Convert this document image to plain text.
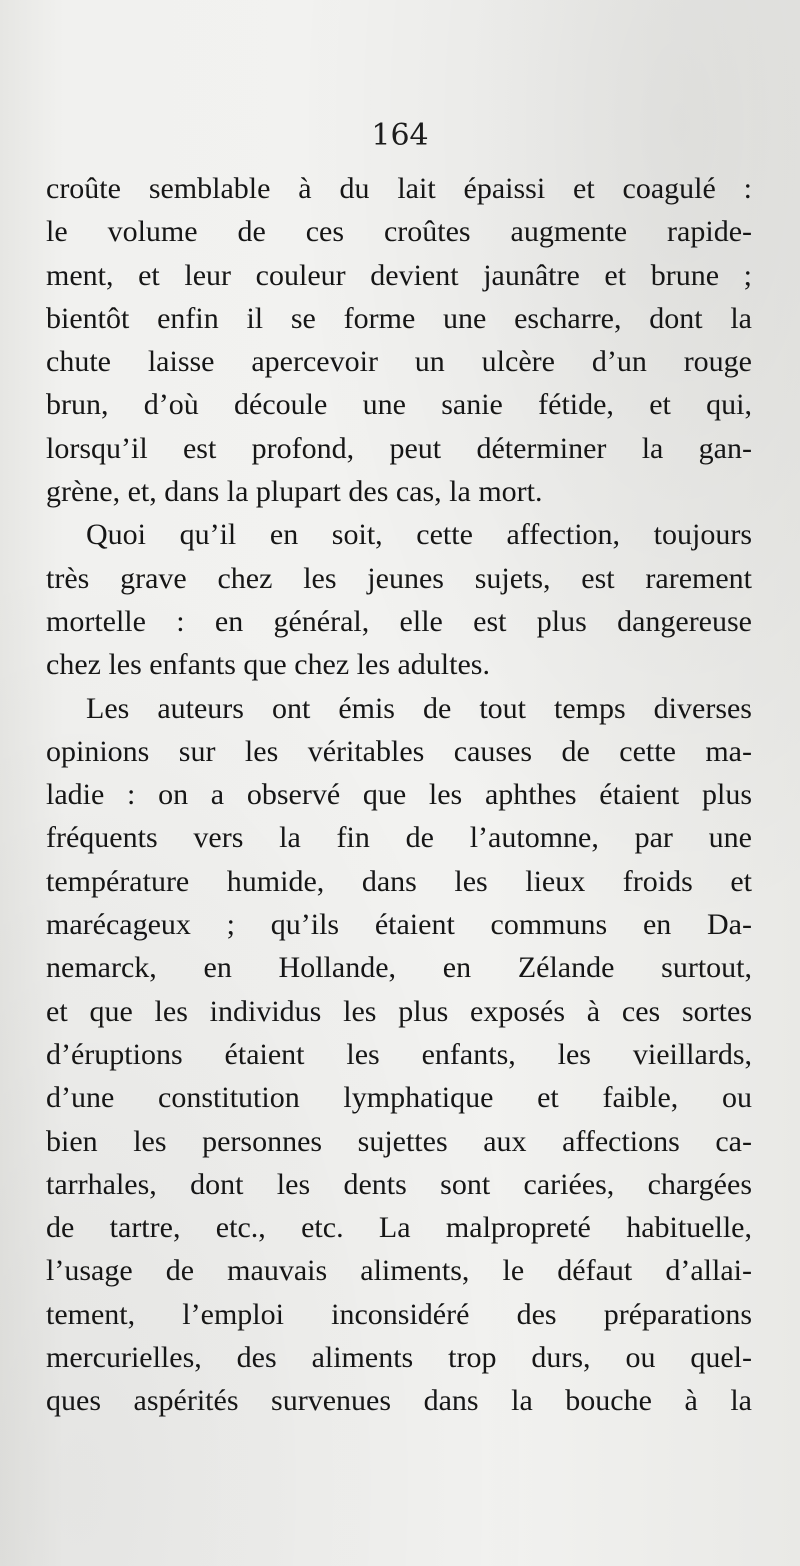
164

croûte semblable à du lait épaissi et coagulé :
le volume de ces croûtes augmente rapide-
ment, et leur couleur devient jaunâtre et brune ;
bientôt enfin il se forme une escharre, dont la
chute laisse apercevoir un ulcère d’un rouge
brun, d’où découle une sanie fétide, et qui,
lorsqu’il est profond, peut déterminer la gan-
grène, et, dans la plupart des cas, la mort.
Quoi qu’il en soit, cette affection, toujours
très grave chez les jeunes sujets, est rarement
mortelle : en général, elle est plus dangereuse
chez les enfants que chez les adultes.
Les auteurs ont émis de tout temps diverses
opinions sur les véritables causes de cette ma-
ladie : on a observé que les aphthes étaient plus
fréquents vers la fin de l’automne, par une
température humide, dans les lieux froids et
marécageux ; qu’ils étaient communs en Da-
nemarck, en Hollande, en Zélande surtout,
et que les individus les plus exposés à ces sortes
d’éruptions étaient les enfants, les vieillards,
d’une constitution lymphatique et faible, ou
bien les personnes sujettes aux affections ca-
tarrhales, dont les dents sont cariées, chargées
de tartre, etc., etc. La malpropreté habituelle,
l’usage de mauvais aliments, le défaut d’allai-
tement, l’emploi inconsidéré des préparations
mercurielles, des aliments trop durs, ou quel-
ques aspérités survenues dans la bouche à la
